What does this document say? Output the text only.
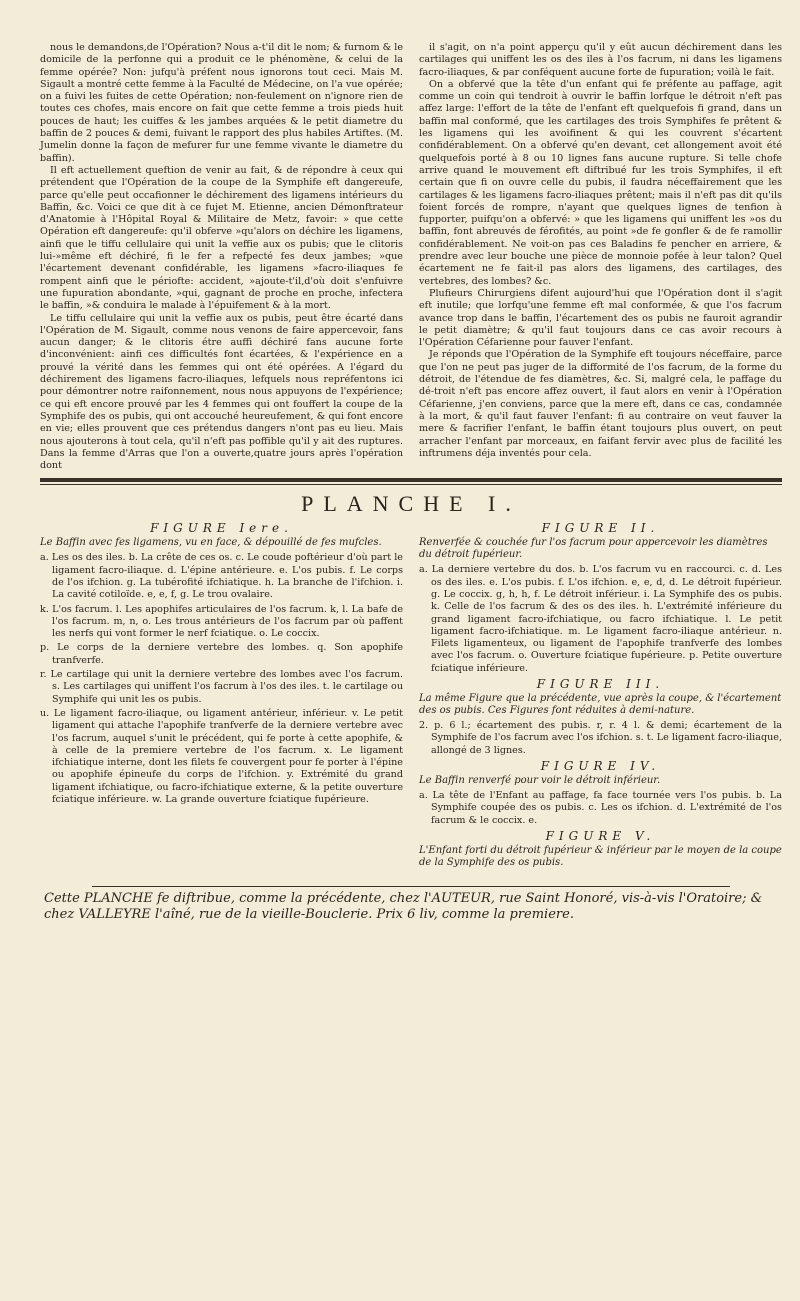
nous le demandons,de l'Opération? Nous a-t'il dit le nom; & furnom & le domicile de la perfonne qui a produit ce le phénomène, & celui de la femme opérée? Non: jufqu'à préfent nous ignorons tout ceci. Mais M. Sigault a montré cette femme à la Faculté de Médecine, on l'a vue opérée; on a fuivi les fuites de cette Opération; non-feulement on n'ignore rien de toutes ces chofes, mais encore on fait que cette femme a trois pieds huit pouces de haut; les cuiffes & les jambes arquées & le petit diametre du baffin de 2 pouces & demi, fuivant le rapport des plus habiles Artiftes. (M. Jumelin donne la façon de mefurer fur une femme vivante le diametre du baffin).

Il eft actuellement queftion de venir au fait, & de répondre à ceux qui prétendent que l'Opération de la coupe de la Symphife eft dangereufe, parce qu'elle peut occafionner le déchirement des ligamens intérieurs du Baffin, &c. Voici ce que dit à ce fujet M. Etienne, ancien Démonftrateur d'Anatomie à l'Hôpital Royal & Militaire de Metz, favoir: » que cette Opération eft dangereufe: qu'il obferve »qu'alors on déchire les ligamens, ainfi que le tiffu cellulaire qui unit la veffie aux os pubis; que le clitoris lui-»même eft déchiré, fi le fer a refpecté fes deux jambes; »que l'écartement devenant confidérable, les ligamens »facro-iliaques fe rompent ainfi que le périofte: accident, »ajoute-t'il,d'où doit s'enfuivre une fupuration abondante, »qui, gagnant de proche en proche, infectera le baffin, »& conduira le malade à l'épuifement & à la mort.

Le tiffu cellulaire qui unit la veffie aux os pubis, peut être écarté dans l'Opération de M. Sigault, comme nous venons de faire appercevoir, fans aucun danger; & le clitoris étre auffi déchiré fans aucune forte d'inconvénient: ainfi ces difficultés font écartées, & l'expérience en a prouvé la vérité dans les femmes qui ont été opérées. A l'égard du déchirement des ligamens facro-iliaques, lefquels nous repréfentons ici pour démontrer notre raifonnement, nous nous appuyons de l'expérience; ce qui eft encore prouvé par les 4 femmes qui ont fouffert la coupe de la Symphife des os pubis, qui ont accouché heureufement, & qui font encore en vie; elles prouvent que ces prétendus dangers n'ont pas eu lieu. Mais nous ajouterons à tout cela, qu'il n'eft pas poffible qu'il y ait des ruptures. Dans la femme d'Arras que l'on a ouverte,quatre jours après l'opération dont

il s'agit, on n'a point apperçu qu'il y eût aucun déchirement dans les cartilages qui uniffent les os des iles à l'os facrum, ni dans les ligamens facro-iliaques, & par conféquent aucune forte de fupuration; voilà le fait.

On a obfervé que la tête d'un enfant qui fe préfente au paffage, agit comme un coin qui tendroit à ouvrir le baffin lorfque le détroit n'eft pas affez large: l'effort de la tête de l'enfant eft quelquefois fi grand, dans un baffin mal conformé, que les cartilages des trois Symphifes fe prêtent & les ligamens qui les avoifinent & qui les couvrent s'écartent confidérablement. On a obfervé qu'en devant, cet allongement avoit été quelquefois porté à 8 ou 10 lignes fans aucune rupture. Si telle chofe arrive quand le mouvement eft diftribué fur les trois Symphifes, il eft certain que fi on ouvre celle du pubis, il faudra néceffairement que les cartilages & les ligamens facro-iliaques prêtent; mais il n'eft pas dit qu'ils foient forcés de rompre, n'ayant que quelques lignes de tenfion à fupporter, puifqu'on a obfervé: » que les ligamens qui uniffent les »os du baffin, font abreuvés de férofités, au point »de fe gonfler & de fe ramollir confidérablement. Ne voit-on pas ces Baladins fe pencher en arriere, & prendre avec leur bouche une pièce de monnoie pofée à leur talon? Quel écartement ne fe fait-il pas alors des ligamens, des cartilages, des vertebres, des lombes? &c.

Plufieurs Chirurgiens difent aujourd'hui que l'Opération dont il s'agit eft inutile; que lorfqu'une femme eft mal conformée, & que l'os facrum avance trop dans le baffin, l'écartement des os pubis ne fauroit agrandir le petit diamètre; & qu'il faut toujours dans ce cas avoir recours à l'Opération Céfarienne pour fauver l'enfant.

Je réponds que l'Opération de la Symphife eft toujours néceffaire, parce que l'on ne peut pas juger de la difformité de l'os facrum, de la forme du détroit, de l'étendue de fes diamètres, &c. Si, malgré cela, le paffage du dé-troit n'eft pas encore affez ouvert, il faut alors en venir à l'Opération Céfarienne, j'en conviens, parce que la mere eft, dans ce cas, condamnée à la mort, & qu'il faut fauver l'enfant: fi au contraire on veut fauver la mere & facrifier l'enfant, le baffin étant toujours plus ouvert, on peut arracher l'enfant par morceaux, en faifant fervir avec plus de facilité les inftrumens déja inventés pour cela.

PLANCHE I.
FIGURE Iere.
Le Baffin avec fes ligamens, vu en face, & dépouillé de fes mufcles.
a. Les os des iles. b. La crête de ces os. c. Le coude poftérieur d'où part le ligament facro-iliaque. d. L'épine antérieure. e. L'os pubis. f. Le corps de l'os ifchion. g. La tubérofité ifchiatique. h. La branche de l'ifchion. i. La cavité cotiloïde. e, e, f, g. Le trou ovalaire.
k. L'os facrum. l. Les apophifes articulaires de l'os facrum. k, l. La bafe de l'os facrum. m, n, o. Les trous antérieurs de l'os facrum par où paffent les nerfs qui vont former le nerf fciatique. o. Le coccix.
p. Le corps de la derniere vertebre des lombes. q. Son apophife tranfverfe.
r. Le cartilage qui unit la derniere vertebre des lombes avec l'os facrum. s. Les cartilages qui uniffent l'os facrum à l'os des iles. t. le cartilage ou Symphife qui unit les os pubis.
u. Le ligament facro-iliaque, ou ligament antérieur, inférieur. v. Le petit ligament qui attache l'apophife tranfverfe de la derniere vertebre avec l'os facrum, auquel s'unit le précédent, qui fe porte à cette apophife, & à celle de la premiere vertebre de l'os facrum. x. Le ligament ifchiatique interne, dont les filets fe couvergent pour fe porter à l'épine ou apophife épineufe du corps de l'ifchion. y. Extrémité du grand ligament ifchiatique, ou facro-ifchiatique externe, & la petite ouverture fciatique inférieure. w. La grande ouverture fciatique fupérieure.
FIGURE II.
Renverfée & couchée fur l'os facrum pour appercevoir les diamètres du détroit fupérieur.
a. La derniere vertebre du dos. b. L'os facrum vu en raccourci. c. d. Les os des iles. e. L'os pubis. f. L'os ifchion. e, e, d, d. Le détroit fupérieur. g. Le coccix. g, h, h, f. Le détroit inférieur. i. La Symphife des os pubis. k. Celle de l'os facrum & des os des iles. h. L'extrémité inférieure du grand ligament facro-ifchiatique, ou facro ifchiatique. l. Le petit ligament facro-ifchiatique. m. Le ligament facro-iliaque antérieur. n. Filets ligamenteux, ou ligament de l'apophife tranfverfe des lombes avec l'os facrum. o. Ouverture fciatique fupérieure. p. Petite ouverture fciatique inférieure.
FIGURE III.
La même Figure que la précédente, vue après la coupe, & l'écartement des os pubis. Ces Figures font réduites à demi-nature.
2. p. 6 l.; écartement des pubis. r, r. 4 l. & demi; écartement de la Symphife de l'os facrum avec l'os ifchion. s. t. Le ligament facro-iliaque, allongé de 3 lignes.
FIGURE IV.
Le Baffin renverfé pour voir le détroit inférieur.
a. La tête de l'Enfant au paffage, fa face tournée vers l'os pubis. b. La Symphife coupée des os pubis. c. Les os ifchion. d. L'extrémité de l'os facrum & le coccix. e.
FIGURE V.
L'Enfant forti du détroit fupérieur & inférieur par le moyen de la coupe de la Symphife des os pubis.
Cette PLANCHE fe diftribue, comme la précédente, chez l'AUTEUR, rue Saint Honoré, vis-à-vis l'Oratoire; & chez VALLEYRE l'aîné, rue de la vieille-Bouclerie. Prix 6 liv, comme la premiere.
